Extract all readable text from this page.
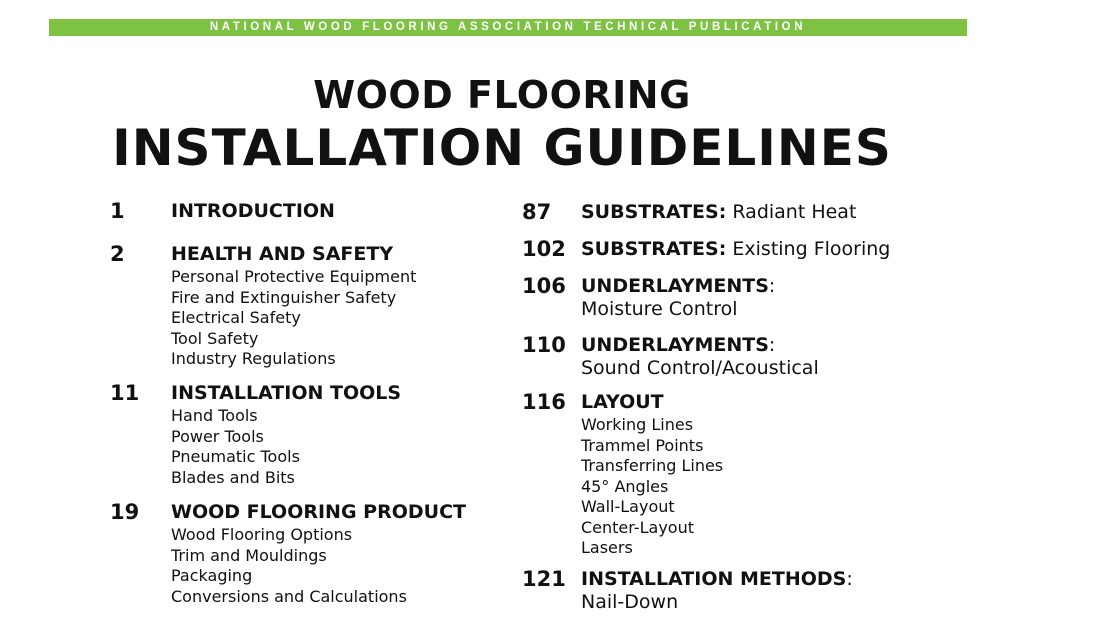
NATIONAL WOOD FLOORING ASSOCIATION TECHNICAL PUBLICATION
WOOD FLOORING
INSTALLATION GUIDELINES
1 INTRODUCTION
2 HEALTH AND SAFETY
Personal Protective Equipment
Fire and Extinguisher Safety
Electrical Safety
Tool Safety
Industry Regulations
11 INSTALLATION TOOLS
Hand Tools
Power Tools
Pneumatic Tools
Blades and Bits
19 WOOD FLOORING PRODUCT
Wood Flooring Options
Trim and Mouldings
Packaging
Conversions and Calculations
87 SUBSTRATES: Radiant Heat
102 SUBSTRATES: Existing Flooring
106 UNDERLAYMENTS:
Moisture Control
110 UNDERLAYMENTS:
Sound Control/Acoustical
116 LAYOUT
Working Lines
Trammel Points
Transferring Lines
45° Angles
Wall-Layout
Center-Layout
Lasers
121 INSTALLATION METHODS:
Nail-Down
